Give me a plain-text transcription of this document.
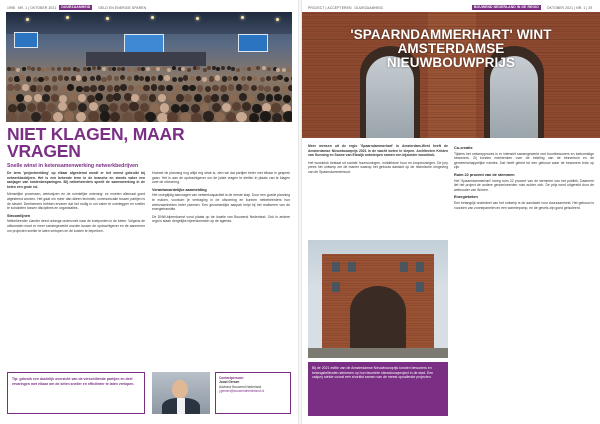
1998 NR. 1 | OKTOBER 2021	DUURZAAMHEID	GELD EN ENERGIE SPAREN
NIET KLAGEN, MAAR VRAGEN
Snelle winst in ketensamenwerking netwerkbedrijven

De term 'projectmelding' op elkaar afgestemd wordt er het meest gebruikt bij netwerkbedrijven. Het is een bekende term in de branche en steeds vaker een aanjager van kostenbesparingen. Bij netbeheerders speelt de samenwerking in de keten een grote rol.

Menselijke processen, werkwijzen en de ruimtelijke ordening: ze moeten allemaal goed afgestemd worden. Het gaat om meer dan alleen techniek; communicatie tussen partijen is de sleutel. Deelnemers hebben ervaren dat het nodig is om vaker te overleggen en sneller te schakelen tussen disciplines en organisaties.

Stroomlijnen

Netbeheerder Liander deed onlangs onderzoek naar de knelpunten in de keten. Volgens de uitkomsten moet er meer samengewerkt worden tussen de opdrachtgever en de aannemer om projecten sneller te laten verlopen en de kosten te beperken.

Hoewel de planning nog altijd erg strak is, zien we dat partijen beter met elkaar in gesprek gaan. Het is aan de opdrachtgever om de juiste vragen te stellen in plaats van te klagen over de uitvoering.

Verantwoordelijke aanmelding

Het vroegtijdig aanvragen van netwerkcapaciteit is de eerste stap. Door een goede planning te maken, voorkom je vertraging in de uitvoering en kunnen netbeheerders hun werkzaamheden beter plannen. Een gezamenlijke aanpak helpt bij het realiseren van de energietransitie.

De DNW-bijeenkomst vond plaats op de locatie van Bouwend Nederland. Ook in andere regio's staan dergelijke bijeenkomsten op de agenda.

Tip: gebruik een duidelijk overzicht van de verschillende partijen en deel ervaringen met elkaar om de keten sneller en efficiënter te laten verlopen.
Contactpersoon
Joost Gersen
Adviseur Bouwend Nederland
j.gersen@bouwendnederland.nl
PROJECT | ACCEPTEREN DUURZAAMHEID	BOUWEND NEDERLAND IN DE REGIO	OKTOBER 2021 | NR. 1 | 29
'SPAARNDAMMERHART' WINT AMSTERDAMSE NIEUWBOUWPRIJS

Meer mensen uit de regio 'Spaarndammerhart' in Amsterdam-West heeft de Amsterdamse Nieuwbouwprijs 2021 in de wacht weten te slepen. Architecten Kristen van Gunning en Sanne van Elswijk ontwierpen samen een bijzonder woonblok.

Het woonblok bestaat uit sociale huurwoningen, middeldure huur en koopwoningen. De jury prees het ontwerp om de manier waarop het gebouw aansluit op de historische omgeving van de Spaarndammerbuurt.

Bij de 2021 editie van de Amsterdamse Nieuwbouwprijs konden bewoners en belangstellenden stemmen op hun favoriete nieuwbouwproject in de stad. Een vakjury stelde vooraf een shortlist samen van de meest opvallende projecten.
Co-creatie

Tijdens het ontwerpproces is er intensief samengewerkt met buurtbewoners en toekomstige bewoners. Zij konden meedenken over de indeling van de binnentuin en de gemeenschappelijke ruimtes. Dat heeft geleid tot een gebouw waar de bewoners trots op zijn.

Ruim 22 procent van de stemmen

Het 'Spaarndammerhart' kreeg ruim 22 procent van de stemmen van het publiek. Daarmee liet het project de andere genomineerden ruim achter zich. De prijs werd uitgereikt door de wethouder van Wonen.

Energieketen

Een belangrijk onderdeel van het ontwerp is de aandacht voor duurzaamheid. Het gebouw is voorzien van zonnepanelen en een warmtepomp, en de gevels zijn goed geïsoleerd.
